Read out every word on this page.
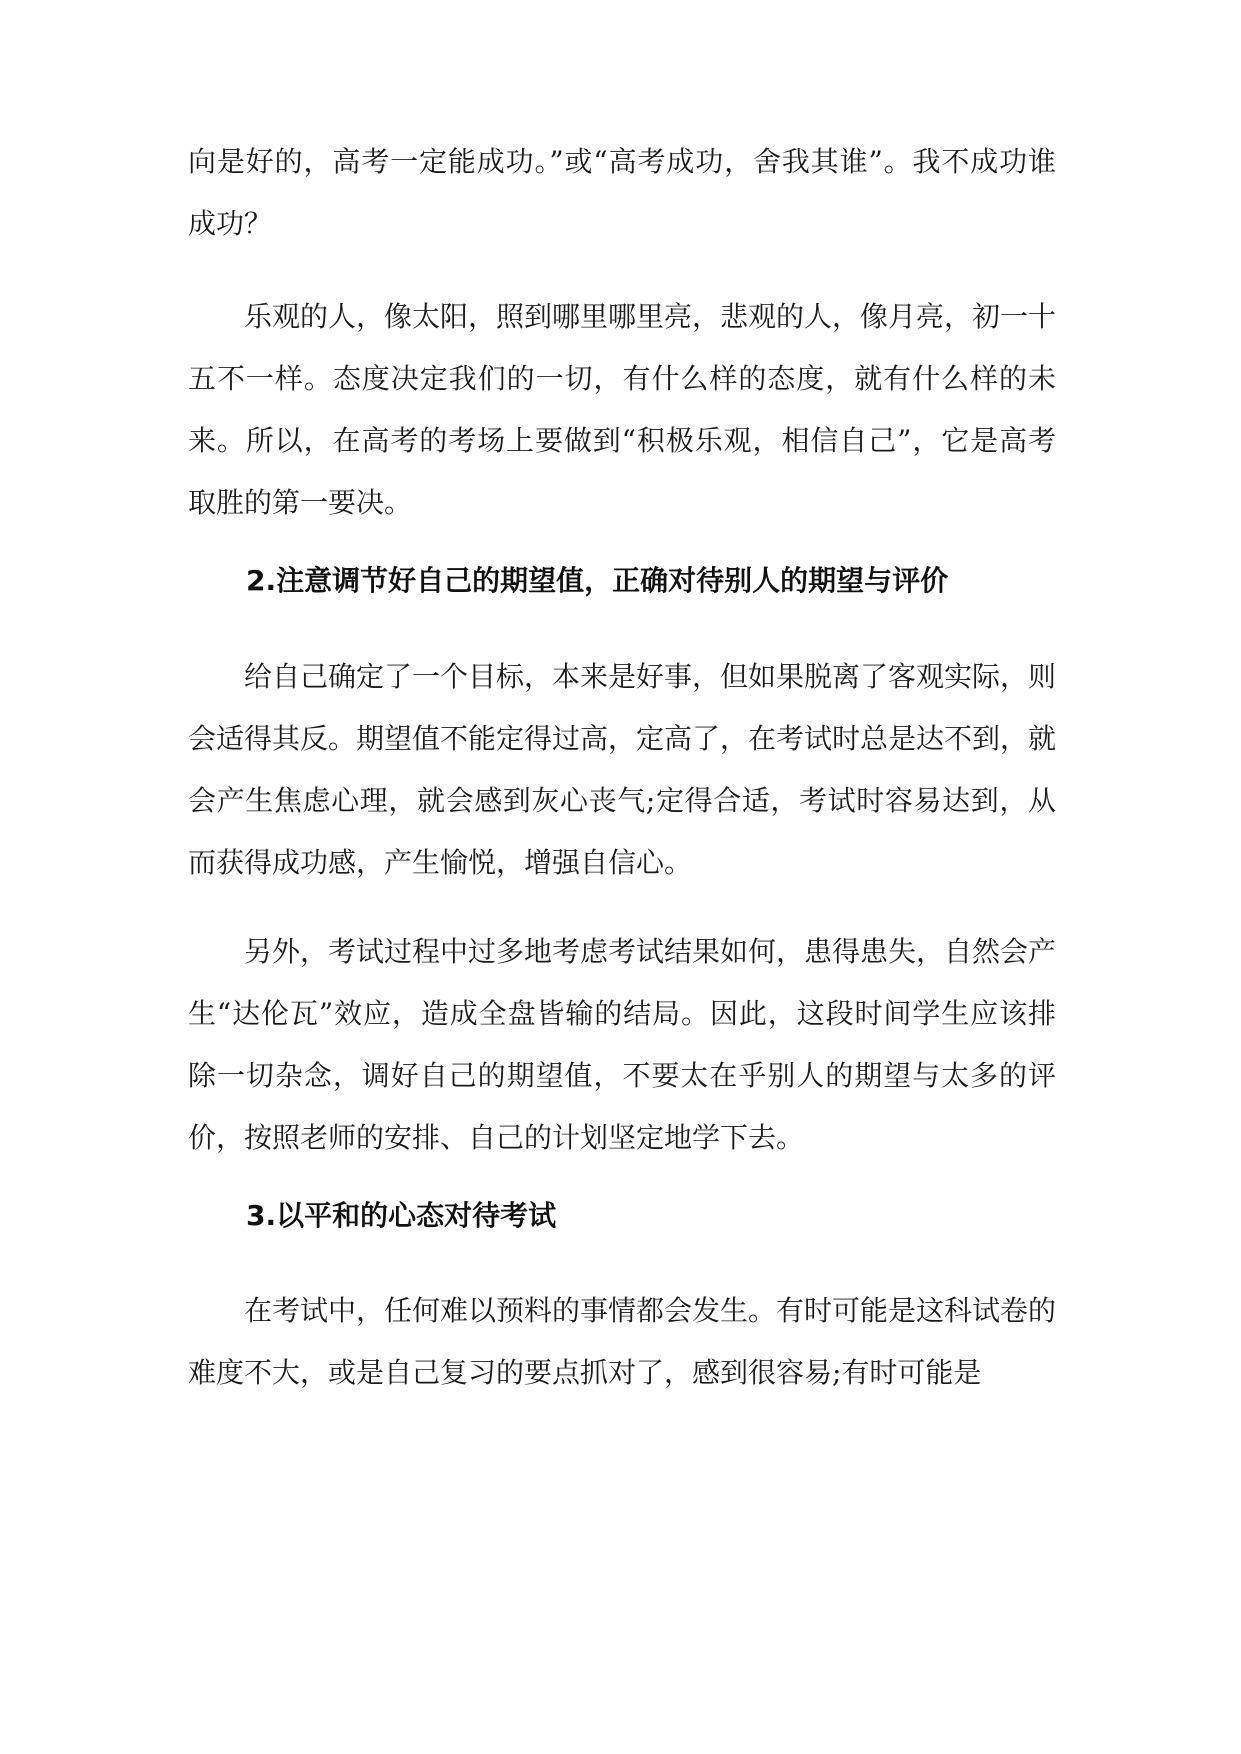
向是好的，高考一定能成功。”或“高考成功，舍我其谁”。我不成功谁成功？

乐观的人，像太阳，照到哪里哪里亮，悲观的人，像月亮，初一十五不一样。态度决定我们的一切，有什么样的态度，就有什么样的未来。所以，在高考的考场上要做到“积极乐观，相信自己”，它是高考取胜的第一要决。

2.注意调节好自己的期望值，正确对待别人的期望与评价

给自己确定了一个目标，本来是好事，但如果脱离了客观实际，则会适得其反。期望值不能定得过高，定高了，在考试时总是达不到，就会产生焦虑心理，就会感到灰心丧气;定得合适，考试时容易达到，从而获得成功感，产生愉悦，增强自信心。

另外，考试过程中过多地考虑考试结果如何，患得患失，自然会产生“达伦瓦”效应，造成全盘皆输的结局。因此，这段时间学生应该排除一切杂念，调好自己的期望值，不要太在乎别人的期望与太多的评价，按照老师的安排、自己的计划坚定地学下去。

3.以平和的心态对待考试

在考试中，任何难以预料的事情都会发生。有时可能是这科试卷的难度不大，或是自己复习的要点抓对了，感到很容易;有时可能是
